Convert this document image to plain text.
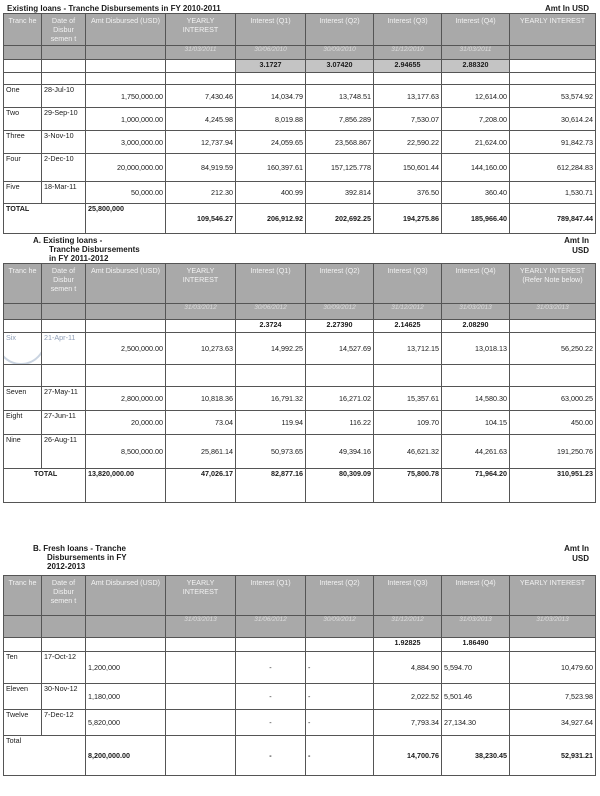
Existing loans - Tranche Disbursements in FY 2010-2011	Amt In USD
Tranc he	Date of Disbur semen t	Amt Disbursed (USD)	YEARLY INTEREST	Interest (Q1)	Interest (Q2)	Interest (Q3)	Interest (Q4)	YEARLY INTEREST
			31/03/2011	30/06/2010	30/09/2010	31/12/2010	31/03/2011	
				3.1727	3.07420	2.94655	2.88320	

One	28-Jul-10	1,750,000.00	7,430.46	14,034.79	13,748.51	13,177.63	12,614.00	53,574.92
Two	29-Sep-10	1,000,000.00	4,245.98	8,019.88	7,856.289	7,530.07	7,208.00	30,614.24
Three	3-Nov-10	3,000,000.00	12,737.94	24,059.65	23,568.867	22,590.22	21,624.00	91,842.73
Four	2-Dec-10	20,000,000.00	84,919.59	160,397.61	157,125.778	150,601.44	144,160.00	612,284.83
Five	18-Mar-11	50,000.00	212.30	400.99	392.814	376.50	360.40	1,530.71
TOTAL		25,800,000	109,546.27	206,912.92	202,692.25	194,275.86	185,966.40	789,847.44
A. Existing loans -
Tranche Disbursements
in FY 2011-2012
Amt In
USD
Tranc he	Date of Disbur semen t	Amt Disbursed (USD)	YEARLY INTEREST	Interest (Q1)	Interest (Q2)	Interest (Q3)	Interest (Q4)	YEARLY INTEREST (Refer Note below)
			31/03/2012	30/06/2012	30/09/2012	31/12/2012	31/03/2013	31/03/2013
				2.3724	2.27390	2.14625	2.08290	

Six	21-Apr-11	2,500,000.00	10,273.63	14,992.25	14,527.69	13,712.15	13,018.13	56,250.22

Seven	27-May-11	2,800,000.00	10,818.36	16,791.32	16,271.02	15,357.61	14,580.30	63,000.25
Eight	27-Jun-11	20,000.00	73.04	119.94	116.22	109.70	104.15	450.00
Nine	26-Aug-11	8,500,000.00	25,861.14	50,973.65	49,394.16	46,621.32	44,261.63	191,250.76
TOTAL		13,820,000.00	47,026.17	82,877.16	80,309.09	75,800.78	71,964.20	310,951.23
B. Fresh loans - Tranche
Disbursements in FY
2012-2013
Amt In
USD
Tranc he	Date of Disbur semen t	Amt Disbursed (USD)	YEARLY INTEREST	Interest (Q1)	Interest (Q2)	Interest (Q3)	Interest (Q4)	YEARLY INTEREST
			31/03/2013	31/06/2012	30/09/2012	31/12/2012	31/03/2013	31/03/2013
						1.92825	1.86490	
Ten	17-Oct-12	1,200,000		-	-	4,884.90	5,594.70	10,479.60
Eleven	30-Nov-12	1,180,000		-	-	2,022.52	5,501.46	7,523.98
Twelve	7-Dec-12	5,820,000		-	-	7,793.34	27,134.30	34,927.64
Total		8,200,000.00		-	-	14,700.76	38,230.45	52,931.21
